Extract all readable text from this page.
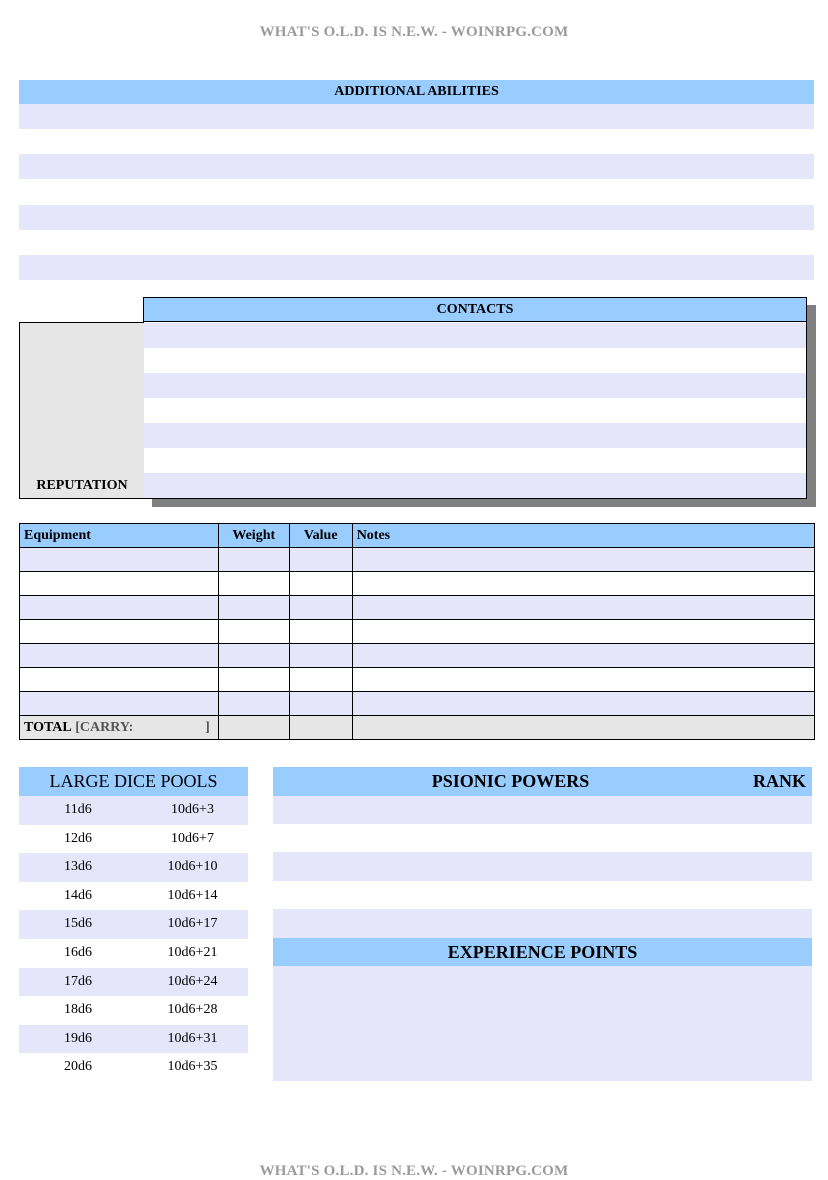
WHAT'S O.L.D. IS N.E.W. - WOINRPG.COM
ADDITIONAL ABILITIES
CONTACTS
REPUTATION
Equipment	Weight	Value	Notes

TOTAL [CARRY: ]			

LARGE DICE POOLS
11d6	10d6+3
12d6	10d6+7
13d6	10d6+10
14d6	10d6+14
15d6	10d6+17
16d6	10d6+21
17d6	10d6+24
18d6	10d6+28
19d6	10d6+31
20d6	10d6+35
PSIONIC POWERS	RANK
EXPERIENCE POINTS
WHAT'S O.L.D. IS N.E.W. - WOINRPG.COM
